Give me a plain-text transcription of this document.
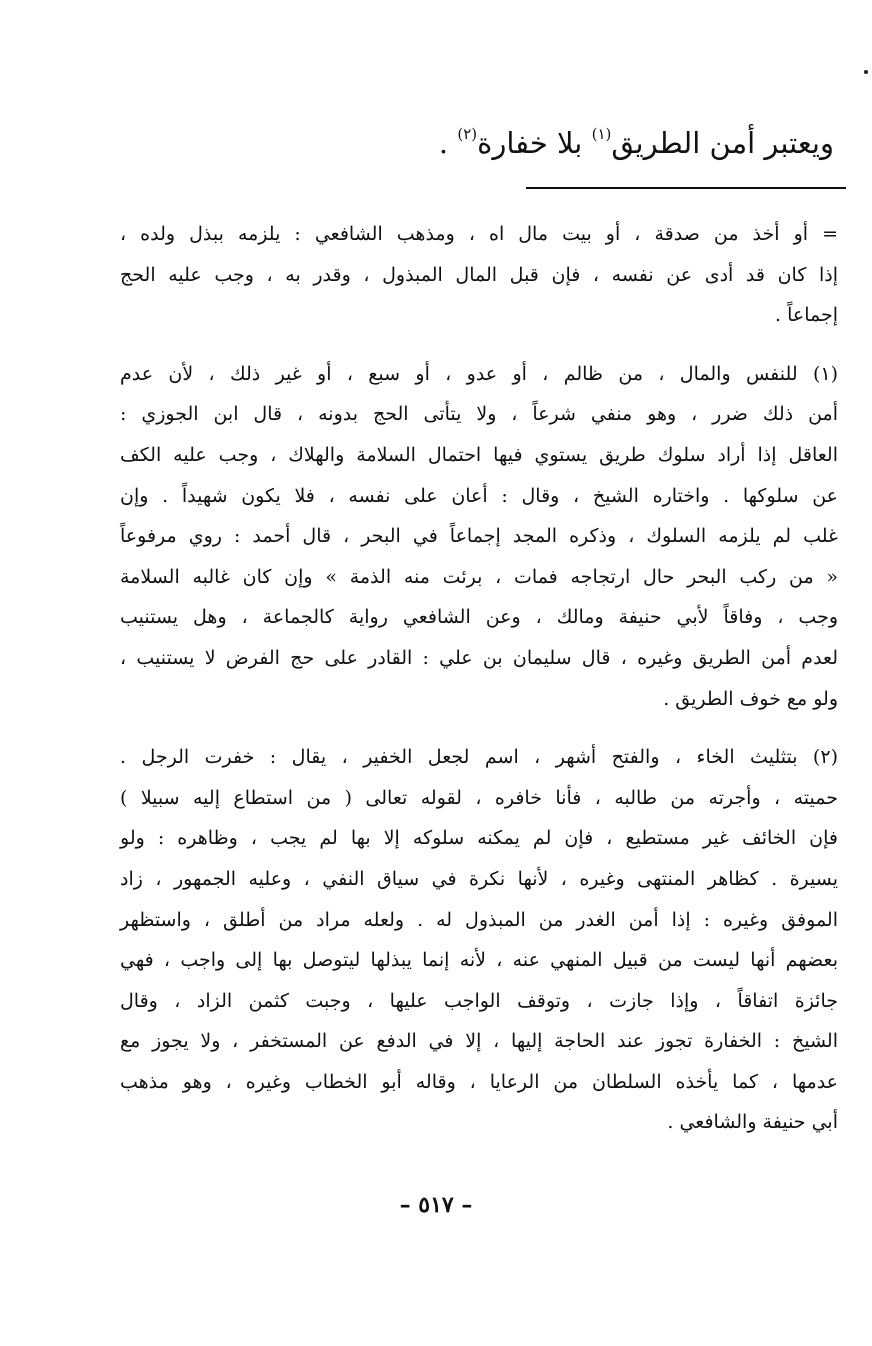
ويعتبر أمن الطريق$^{(١)}$ بلا خفارة$^{(٢)}$ .
= أو أخذ من صدقة ، أو بيت مال اه ، ومذهب الشافعي : يلزمه ببذل ولده ،
إذا كان قد أدى عن نفسه ، فإن قبل المال المبذول ، وقدر به ، وجب عليه الحج
إجماعاً .
(١) للنفس والمال ، من ظالم ، أو عدو ، أو سبع ، أو غير ذلك ، لأن عدم
أمن ذلك ضرر ، وهو منفي شرعاً ، ولا يتأتى الحج بدونه ، قال ابن الجوزي :
العاقل إذا أراد سلوك طريق يستوي فيها احتمال السلامة والهلاك ، وجب عليه الكف
عن سلوكها . واختاره الشيخ ، وقال : أعان على نفسه ، فلا يكون شهيداً . وإن
غلب لم يلزمه السلوك ، وذكره المجد إجماعاً في البحر ، قال أحمد : روي مرفوعاً
« من ركب البحر حال ارتجاجه فمات ، برئت منه الذمة » وإن كان غالبه السلامة
وجب ، وفاقاً لأبي حنيفة ومالك ، وعن الشافعي رواية كالجماعة ، وهل يستنيب
لعدم أمن الطريق وغيره ، قال سليمان بن علي : القادر على حج الفرض لا يستنيب ،
ولو مع خوف الطريق .
(٢) بتثليث الخاء ، والفتح أشهر ، اسم لجعل الخفير ، يقال : خفرت الرجل .
حميته ، وأجرته من طالبه ، فأنا خافره ، لقوله تعالى ( من استطاع إليه سبيلا )
فإن الخائف غير مستطيع ، فإن لم يمكنه سلوكه إلا بها لم يجب ، وظاهره : ولو
يسيرة . كظاهر المنتهى وغيره ، لأنها نكرة في سياق النفي ، وعليه الجمهور ، زاد
الموفق وغيره : إذا أمن الغدر من المبذول له . ولعله مراد من أطلق ، واستظهر
بعضهم أنها ليست من قبيل المنهي عنه ، لأنه إنما يبذلها ليتوصل بها إلى واجب ، فهي
جائزة اتفاقاً ، وإذا جازت ، وتوقف الواجب عليها ، وجبت كثمن الزاد ، وقال
الشيخ : الخفارة تجوز عند الحاجة إليها ، إلا في الدفع عن المستخفر ، ولا يجوز مع
عدمها ، كما يأخذه السلطان من الرعايا ، وقاله أبو الخطاب وغيره ، وهو مذهب
أبي حنيفة والشافعي .
– ٥١٧ –
